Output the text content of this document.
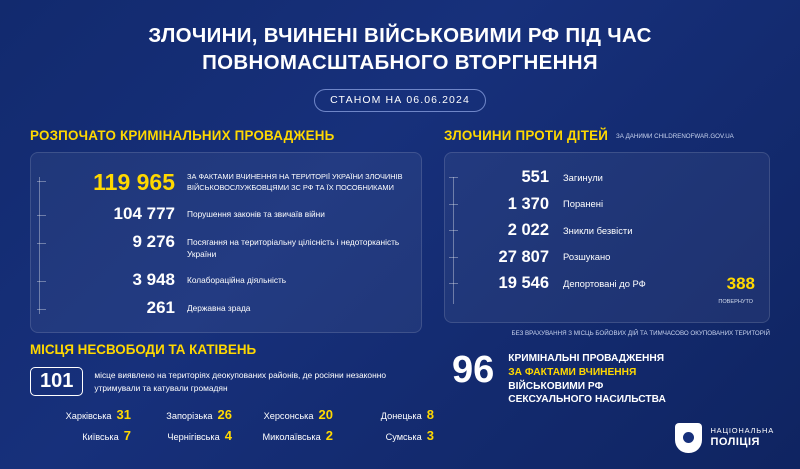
ЗЛОЧИНИ, ВЧИНЕНІ ВІЙСЬКОВИМИ РФ ПІД ЧАС ПОВНОМАСШТАБНОГО ВТОРГНЕННЯ
СТАНОМ НА 06.06.2024
РОЗПОЧАТО КРИМІНАЛЬНИХ ПРОВАДЖЕНЬ
119 965 ЗА ФАКТАМИ ВЧИНЕННЯ НА ТЕРИТОРІЇ УКРАЇНИ ЗЛОЧИНІВ ВІЙСЬКОВОСЛУЖБОВЦЯМИ ЗС РФ ТА ЇХ ПОСОБНИКАМИ
104 777 Порушення законів та звичаїв війни
9 276 Посягання на територіальну цілісність і недоторканість України
3 948 Колабораційна діяльність
261 Державна зрада
ЗЛОЧИНИ ПРОТИ ДІТЕЙ ЗА ДАНИМИ CHILDRENOFWAR.GOV.UA
551 Загинули
1 370 Поранені
2 022 Зникли безвісти
27 807 Розшукано
19 546 Депортовані до РФ	388
ПОВЕРНУТО
БЕЗ ВРАХУВАННЯ З МІСЦЬ БОЙОВИХ ДІЙ ТА ТИМЧАСОВО ОКУПОВАНИХ ТЕРИТОРІЙ
МІСЦЯ НЕСВОБОДИ ТА КАТІВЕНЬ
101	місце виявлено на територіях деокупованих районів, де росіяни незаконно утримували та катували громадян
Харківська 31	Запорізька 26	Херсонська 20	Донецька 8
Київська 7	Чернігівська 4	Миколаївська 2	Сумська 3
96 КРИМІНАЛЬНІ ПРОВАДЖЕННЯ
ЗА ФАКТАМИ ВЧИНЕННЯ
ВІЙСЬКОВИМИ РФ
СЕКСУАЛЬНОГО НАСИЛЬСТВА
НАЦІОНАЛЬНА
ПОЛІЦІЯ
